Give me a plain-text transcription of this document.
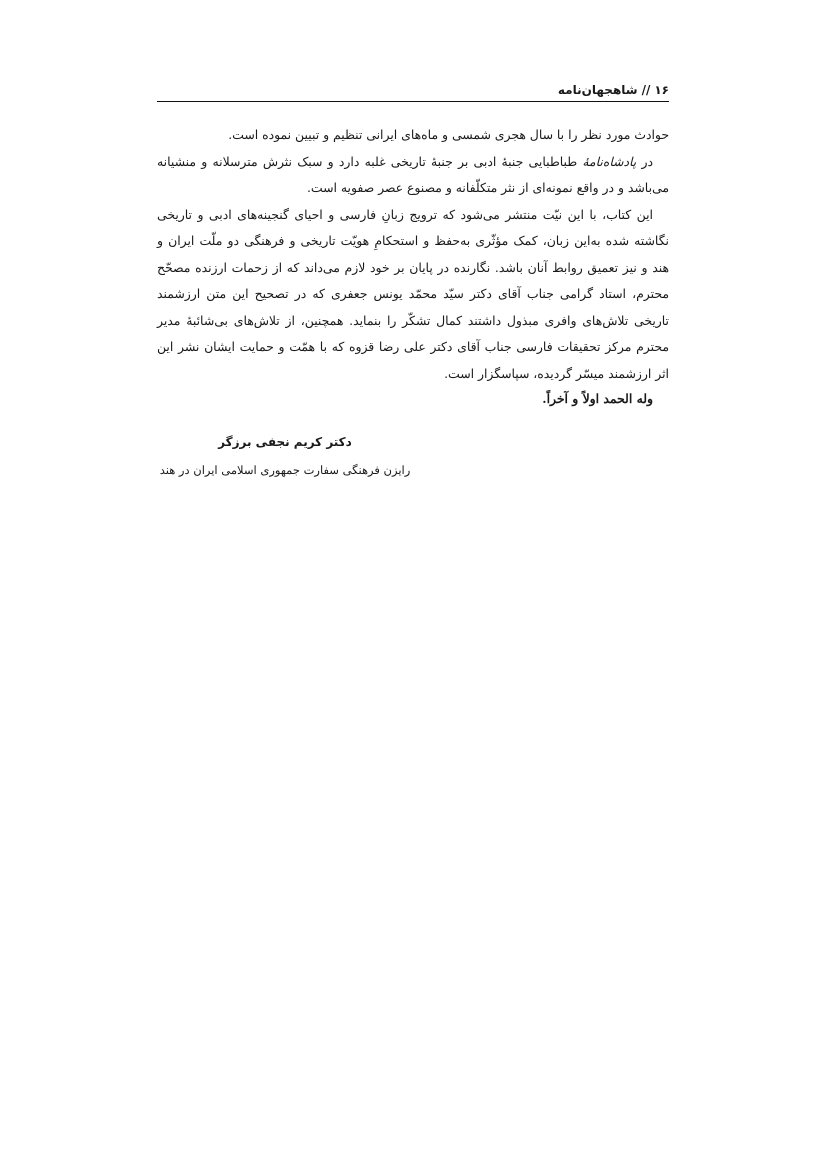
۱۶//شاهجهان‌نامه

حوادث مورد نظر را با سال هجری شمسی و ماه‌های ایرانی تنظیم و تبیین نموده است.

در پادشاه‌نامهٔ طباطبایی جنبهٔ ادبی بر جنبهٔ تاریخی غلبه دارد و سبک نثرش مترسلانه و منشیانه می‌باشد و در واقع نمونه‌ای از نثر متکلّفانه و مصنوع عصر صفویه است.

این کتاب، با این نیّت منتشر می‌شود که ترویج زبانِ فارسی و احیای گنجینه‌های ادبی و تاریخی نگاشته شده به‌این زبان، کمک مؤثّری به‌حفظ و استحکامِ هویّت تاریخی و فرهنگی دو ملّت ایران و هند و نیز تعمیق روابط آنان باشد. نگارنده در پایان بر خود لازم می‌داند که از زحمات ارزنده مصحّح محترم، استاد گرامی جناب آقای دکتر سیّد محمّد یونس جعفری که در تصحیح این متن ارزشمند تاریخی تلاش‌های وافری مبذول داشتند کمال تشکّر را بنماید. همچنین، از تلاش‌های بی‌شائبهٔ مدیر محترم مرکز تحقیقات فارسی جناب آقای دکتر علی رضا قزوه که با همّت و حمایت ایشان نشر این اثر ارزشمند میسّر گردیده، سپاسگزار است.

وله الحمد اولاً و آخراً.

دکتر کریم نجفی برزگر

رایزن فرهنگی سفارت جمهوری اسلامی ایران در هند
